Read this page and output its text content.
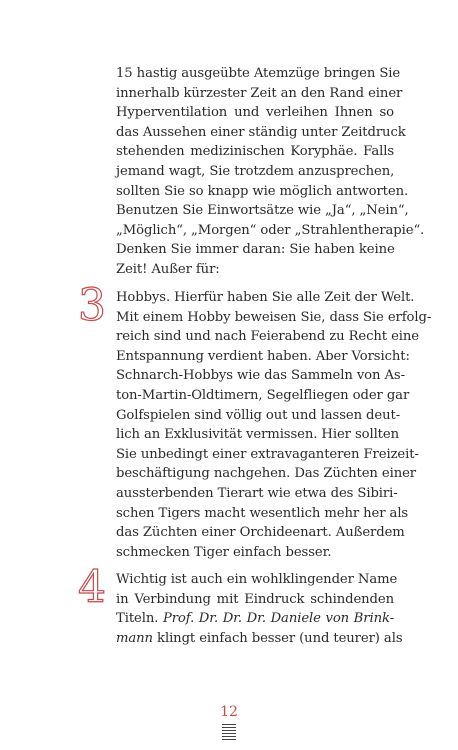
15 hastig ausgeübte Atemzüge bringen Sie
innerhalb kürzester Zeit an den Rand einer
Hyperventilation und verleihen Ihnen so
das Aussehen einer ständig unter Zeitdruck
stehenden medizinischen Koryphäe. Falls
jemand wagt, Sie trotzdem anzusprechen,
sollten Sie so knapp wie möglich antworten.
Benutzen Sie Einwortsätze wie „Ja“, „Nein“,
„Möglich“, „Morgen“ oder „Strahlentherapie“.
Denken Sie immer daran: Sie haben keine
Zeit! Außer für:
3 Hobbys. Hierfür haben Sie alle Zeit der Welt.
Mit einem Hobby beweisen Sie, dass Sie erfolg-
reich sind und nach Feierabend zu Recht eine
Entspannung verdient haben. Aber Vorsicht:
Schnarch-Hobbys wie das Sammeln von As-
ton-Martin-Oldtimern, Segelfliegen oder gar
Golfspielen sind völlig out und lassen deut-
lich an Exklusivität vermissen. Hier sollten
Sie unbedingt einer extravaganteren Freizeit-
beschäftigung nachgehen. Das Züchten einer
aussterbenden Tierart wie etwa des Sibiri-
schen Tigers macht wesentlich mehr her als
das Züchten einer Orchideenart. Außerdem
schmecken Tiger einfach besser.
4 Wichtig ist auch ein wohlklingender Name
in Verbindung mit Eindruck schindenden
Titeln. Prof. Dr. Dr. Dr. Daniele von Brink-
mann klingt einfach besser (und teurer) als
12
